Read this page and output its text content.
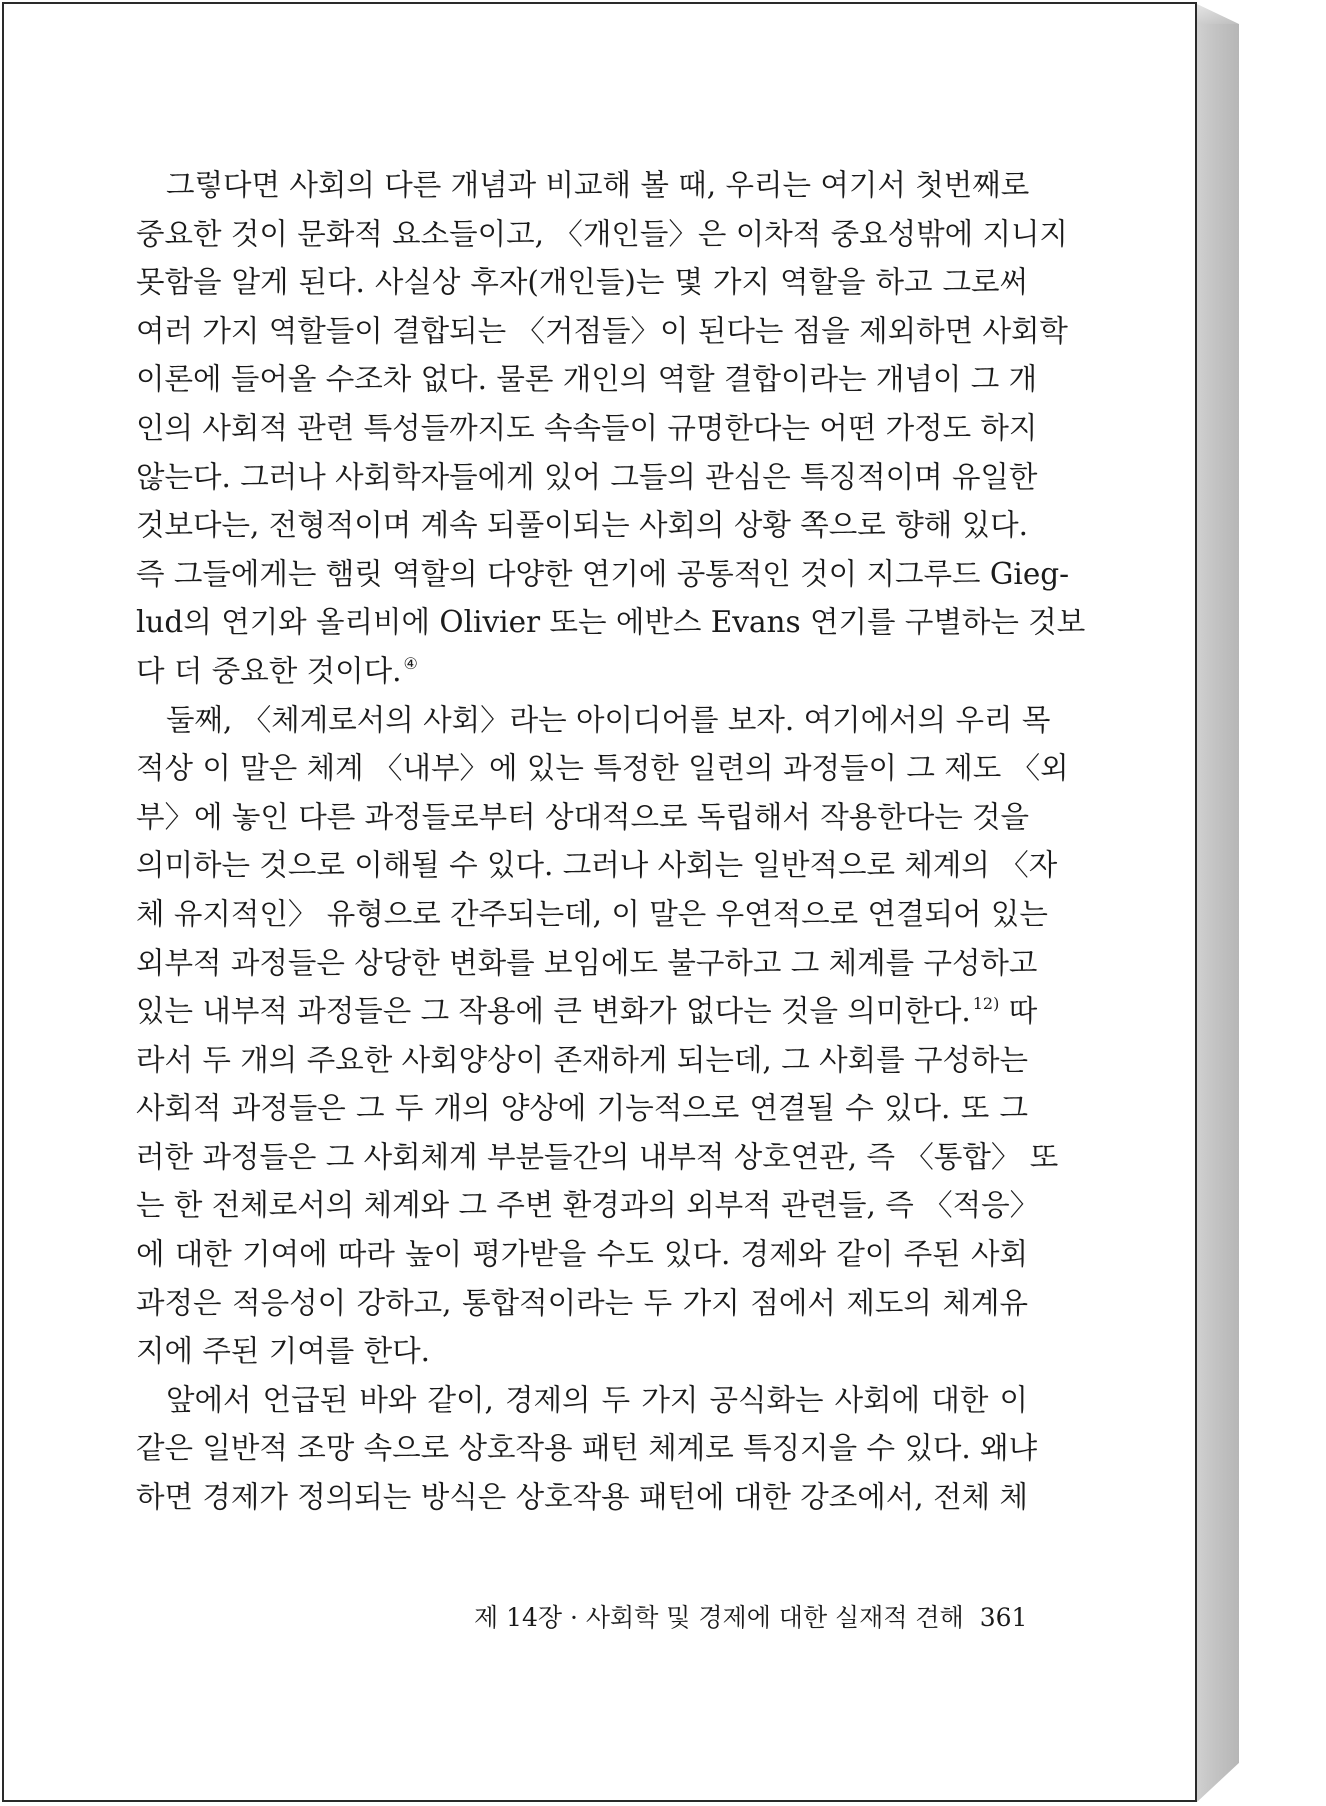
그렇다면 사회의 다른 개념과 비교해 볼 때, 우리는 여기서 첫번째로
중요한 것이 문화적 요소들이고, 〈개인들〉은 이차적 중요성밖에 지니지
못함을 알게 된다. 사실상 후자(개인들)는 몇 가지 역할을 하고 그로써
여러 가지 역할들이 결합되는 〈거점들〉이 된다는 점을 제외하면 사회학
이론에 들어올 수조차 없다. 물론 개인의 역할 결합이라는 개념이 그 개
인의 사회적 관련 특성들까지도 속속들이 규명한다는 어떤 가정도 하지
않는다. 그러나 사회학자들에게 있어 그들의 관심은 특징적이며 유일한
것보다는, 전형적이며 계속 되풀이되는 사회의 상황 쪽으로 향해 있다.
즉 그들에게는 햄릿 역할의 다양한 연기에 공통적인 것이 지그루드 Gieg-
lud의 연기와 올리비에 Olivier 또는 에반스 Evans 연기를 구별하는 것보
다 더 중요한 것이다. ④
둘째, 〈체계로서의 사회〉라는 아이디어를 보자. 여기에서의 우리 목
적상 이 말은 체계 〈내부〉에 있는 특정한 일련의 과정들이 그 제도 〈외
부〉에 놓인 다른 과정들로부터 상대적으로 독립해서 작용한다는 것을
의미하는 것으로 이해될 수 있다. 그러나 사회는 일반적으로 체계의 〈자
체 유지적인〉 유형으로 간주되는데, 이 말은 우연적으로 연결되어 있는
외부적 과정들은 상당한 변화를 보임에도 불구하고 그 체계를 구성하고
있는 내부적 과정들은 그 작용에 큰 변화가 없다는 것을 의미한다. $^{12)}$ 따
라서 두 개의 주요한 사회양상이 존재하게 되는데, 그 사회를 구성하는
사회적 과정들은 그 두 개의 양상에 기능적으로 연결될 수 있다. 또 그
러한 과정들은 그 사회체계 부분들간의 내부적 상호연관, 즉 〈통합〉 또
는 한 전체로서의 체계와 그 주변 환경과의 외부적 관련들, 즉 〈적응〉
에 대한 기여에 따라 높이 평가받을 수도 있다. 경제와 같이 주된 사회
과정은 적응성이 강하고, 통합적이라는 두 가지 점에서 제도의 체계유
지에 주된 기여를 한다.
앞에서 언급된 바와 같이, 경제의 두 가지 공식화는 사회에 대한 이
같은 일반적 조망 속으로 상호작용 패턴 체계로 특징지을 수 있다. 왜냐
하면 경제가 정의되는 방식은 상호작용 패턴에 대한 강조에서, 전체 체
제 14장 · 사회학 및 경제에 대한 실재적 견해 361
